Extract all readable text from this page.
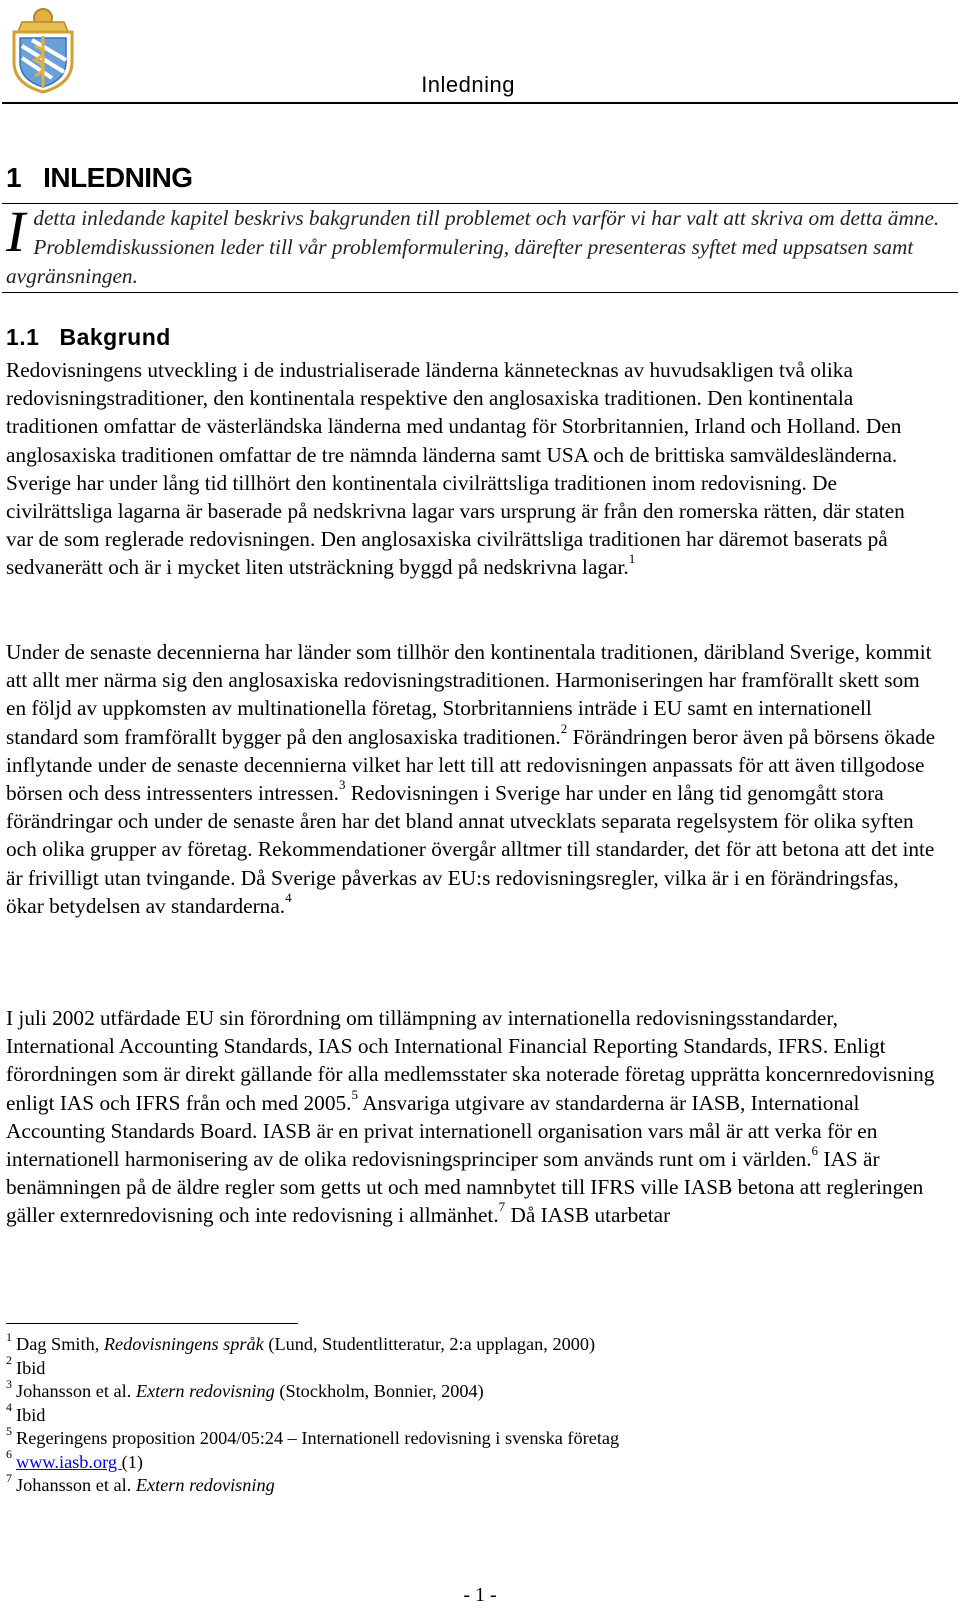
Inledning
1 INLEDNING
Idetta inledande kapitel beskrivs bakgrunden till problemet och varför vi har valt att skriva om detta ämne. Problemdiskussionen leder till vår problemformulering, därefter presenteras syftet med uppsatsen samt avgränsningen.
1.1 Bakgrund

Redovisningens utveckling i de industrialiserade länderna kännetecknas av huvudsakligen två olika redovisningstraditioner, den kontinentala respektive den anglosaxiska traditionen. Den kontinentala traditionen omfattar de västerländska länderna med undantag för Storbritannien, Irland och Holland. Den anglosaxiska traditionen omfattar de tre nämnda länderna samt USA och de brittiska samväldesländerna. Sverige har under lång tid tillhört den kontinentala civilrättsliga traditionen inom redovisning. De civilrättsliga lagarna är baserade på nedskrivna lagar vars ursprung är från den romerska rätten, där staten var de som reglerade redovisningen. Den anglosaxiska civilrättsliga traditionen har däremot baserats på sedvanerätt och är i mycket liten utsträckning byggd på nedskrivna lagar.$^1$

Under de senaste decennierna har länder som tillhör den kontinentala traditionen, däribland Sverige, kommit att allt mer närma sig den anglosaxiska redovisningstraditionen. Harmoniseringen har framförallt skett som en följd av uppkomsten av multinationella företag, Storbritanniens inträde i EU samt en internationell standard som framförallt bygger på den anglosaxiska traditionen.$^2$ Förändringen beror även på börsens ökade inflytande under de senaste decennierna vilket har lett till att redovisningen anpassats för att även tillgodose börsen och dess intressenters intressen.$^3$ Redovisningen i Sverige har under en lång tid genomgått stora förändringar och under de senaste åren har det bland annat utvecklats separata regelsystem för olika syften och olika grupper av företag. Rekommendationer övergår alltmer till standarder, det för att betona att det inte är frivilligt utan tvingande. Då Sverige påverkas av EU:s redovisningsregler, vilka är i en förändringsfas, ökar betydelsen av standarderna.$^4$

I juli 2002 utfärdade EU sin förordning om tillämpning av internationella redovisningsstandarder, International Accounting Standards, IAS och International Financial Reporting Standards, IFRS. Enligt förordningen som är direkt gällande för alla medlemsstater ska noterade företag upprätta koncernredovisning enligt IAS och IFRS från och med 2005.$^5$ Ansvariga utgivare av standarderna är IASB, International Accounting Standards Board. IASB är en privat internationell organisation vars mål är att verka för en internationell harmonisering av de olika redovisningsprinciper som används runt om i världen.$^6$ IAS är benämningen på de äldre regler som getts ut och med namnbytet till IFRS ville IASB betona att regleringen gäller externredovisning och inte redovisning i allmänhet.$^7$ Då IASB utarbetar

$^1$ Dag Smith, Redovisningens språk (Lund, Studentlitteratur, 2:a upplagan, 2000)
$^2$ Ibid
$^3$ Johansson et al. Extern redovisning (Stockholm, Bonnier, 2004)
$^4$ Ibid
$^5$ Regeringens proposition 2004/05:24 – Internationell redovisning i svenska företag
$^6$ www.iasb.org (1)
$^7$ Johansson et al. Extern redovisning
- 1 -
